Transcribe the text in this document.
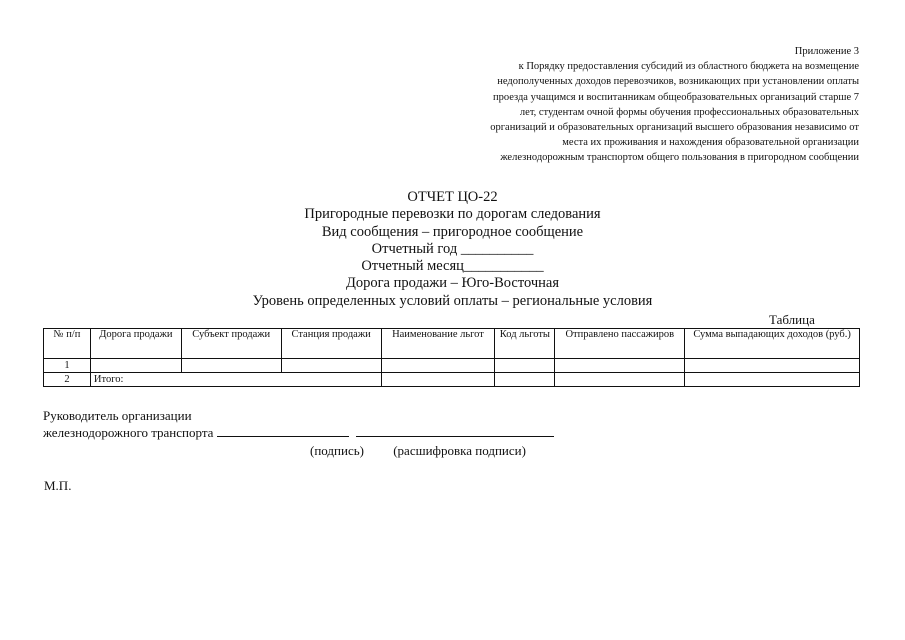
Приложение 3
к Порядку предоставления субсидий из областного бюджета на возмещение
недополученных доходов перевозчиков, возникающих при установлении оплаты
проезда учащимся и воспитанникам общеобразовательных организаций старше 7
лет, студентам очной формы обучения профессиональных образовательных
организаций и образовательных организаций высшего образования независимо от
места их проживания и нахождения образовательной организации
железнодорожным транспортом общего пользования в пригородном сообщении
ОТЧЕТ ЦО-22
Пригородные перевозки по дорогам следования
Вид сообщения – пригородное сообщение
Отчетный год __________
Отчетный месяц___________
Дорога продажи – Юго-Восточная
Уровень определенных условий оплаты – региональные условия
Таблица
№ п/п	Дорога продажи	Субъект продажи	Станция продажи	Наименование льгот	Код льготы	Отправлено пассажиров	Сумма выпадающих доходов (руб.)
1							
2	Итого:						
Руководитель организации
железнодорожного транспорта
(подпись) (расшифровка подписи)
М.П.
